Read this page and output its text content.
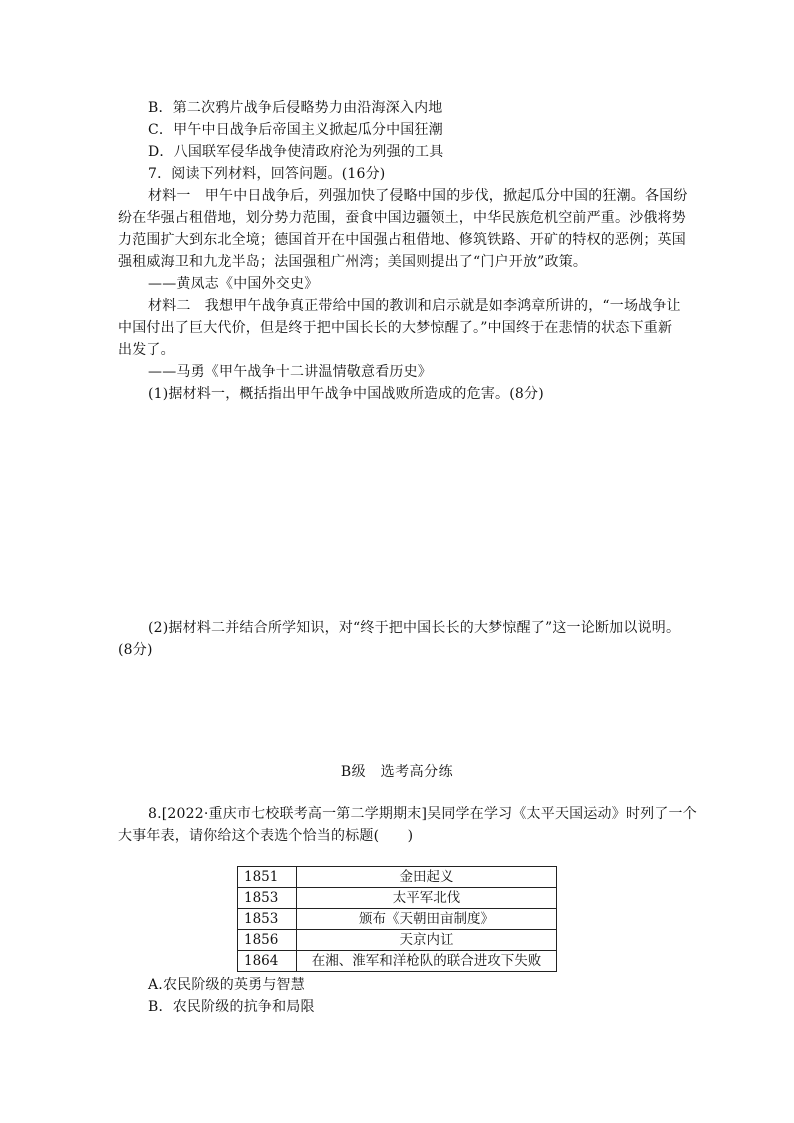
B．第二次鸦片战争后侵略势力由沿海深入内地
C．甲午中日战争后帝国主义掀起瓜分中国狂潮
D．八国联军侵华战争使清政府沦为列强的工具
7．阅读下列材料，回答问题。(16分)
材料一　甲午中日战争后，列强加快了侵略中国的步伐，掀起瓜分中国的狂潮。各国纷
纷在华强占租借地，划分势力范围，蚕食中国边疆领土，中华民族危机空前严重。沙俄将势
力范围扩大到东北全境；德国首开在中国强占租借地、修筑铁路、开矿的特权的恶例；英国
强租威海卫和九龙半岛；法国强租广州湾；美国则提出了“门户开放”政策。
——黄凤志《中国外交史》
材料二　我想甲午战争真正带给中国的教训和启示就是如李鸿章所讲的，“一场战争让
中国付出了巨大代价，但是终于把中国长长的大梦惊醒了。”中国终于在悲情的状态下重新
出发了。
——马勇《甲午战争十二讲温情敬意看历史》
(1)据材料一，概括指出甲午战争中国战败所造成的危害。(8分)
(2)据材料二并结合所学知识，对“终于把中国长长的大梦惊醒了”这一论断加以说明。
(8分)
B级　选考高分练
8.[2022·重庆市七校联考高一第二学期期末]吴同学在学习《太平天国运动》时列了一个
大事年表，请你给这个表选个恰当的标题(　　)
1851	金田起义
1853	太平军北伐
1853	颁布《天朝田亩制度》
1856	天京内讧
1864	在湘、淮军和洋枪队的联合进攻下失败
A.农民阶级的英勇与智慧
B．农民阶级的抗争和局限
